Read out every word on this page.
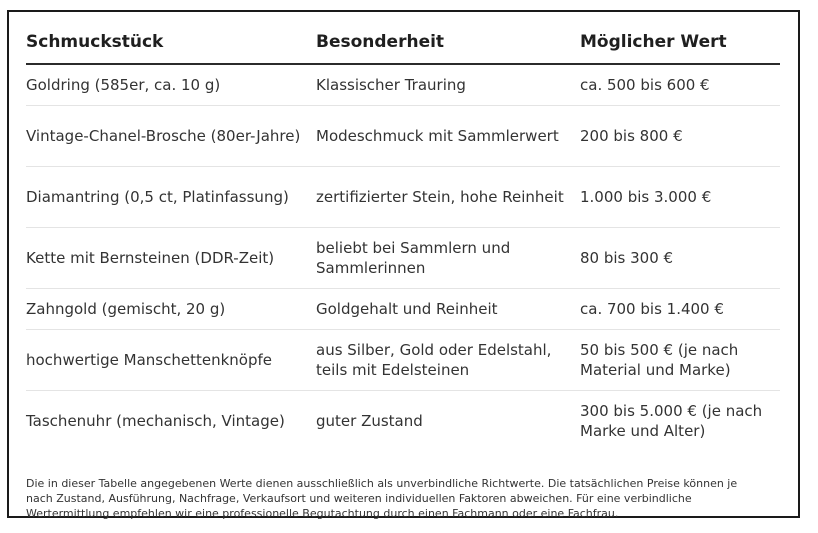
Schmuckstück	Besonderheit	Möglicher Wert
Goldring (585er, ca. 10 g)	Klassischer Trauring	ca. 500 bis 600 €
Vintage-Chanel-Brosche (80er-Jahre)	Modeschmuck mit Sammlerwert	200 bis 800 €
Diamantring (0,5 ct, Platinfassung)	zertifizierter Stein, hohe Reinheit	1.000 bis 3.000 €
Kette mit Bernsteinen (DDR-Zeit)	beliebt bei Sammlern und Sammlerinnen	80 bis 300 €
Zahngold (gemischt, 20 g)	Goldgehalt und Reinheit	ca. 700 bis 1.400 €
hochwertige Manschettenknöpfe	aus Silber, Gold oder Edelstahl, teils mit Edelsteinen	50 bis 500 € (je nach Material und Marke)
Taschenuhr (mechanisch, Vintage)	guter Zustand	300 bis 5.000 € (je nach Marke und Alter)

Die in dieser Tabelle angegebenen Werte dienen ausschließlich als unverbindliche Richtwerte. Die tatsächlichen Preise können je nach Zustand, Ausführung, Nachfrage, Verkaufsort und weiteren individuellen Faktoren abweichen. Für eine verbindliche Wertermittlung empfehlen wir eine professionelle Begutachtung durch einen Fachmann oder eine Fachfrau.
